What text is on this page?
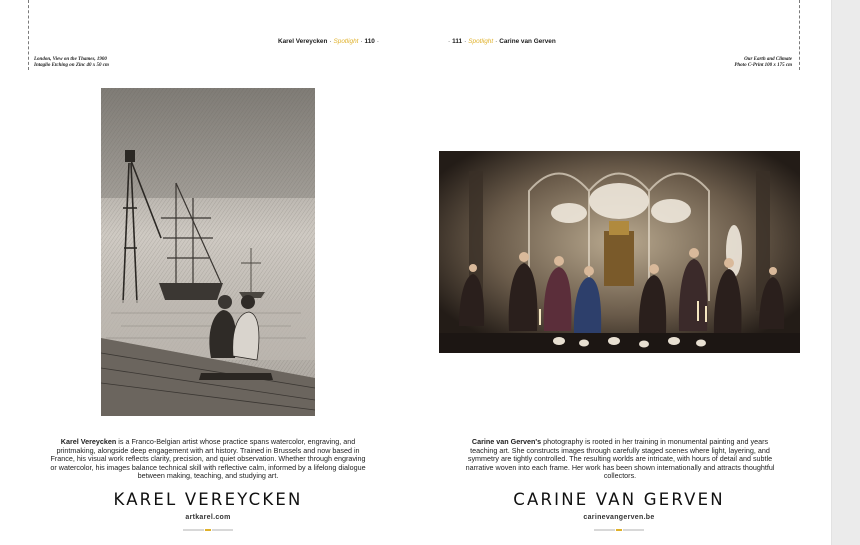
Karel Vereycken · Spotlight · 110 ·	· 111 · Spotlight · Carine van Gerven
London, View on the Thames, 1900
Intaglio Etching on Zinc 40 x 50 cm
Our Earth and Climate
Photo C-Print 100 x 175 cm
Karel Vereycken is a Franco-Belgian artist whose practice spans watercolor, engraving, and printmaking, alongside deep engagement with art history. Trained in Brussels and now based in France, his visual work reflects clarity, precision, and quiet observation. Whether through engraving or watercolor, his images balance technical skill with reflective calm, informed by a lifelong dialogue between making, teaching, and studying art.
Carine van Gerven's photography is rooted in her training in monumental painting and years teaching art. She constructs images through carefully staged scenes where light, layering, and symmetry are tightly controlled. The resulting worlds are intricate, with hours of detail and subtle narrative woven into each frame. Her work has been shown internationally and attracts thoughtful collectors.
KAREL VEREYCKEN	CARINE VAN GERVEN
artkarel.com	carinevangerven.be
